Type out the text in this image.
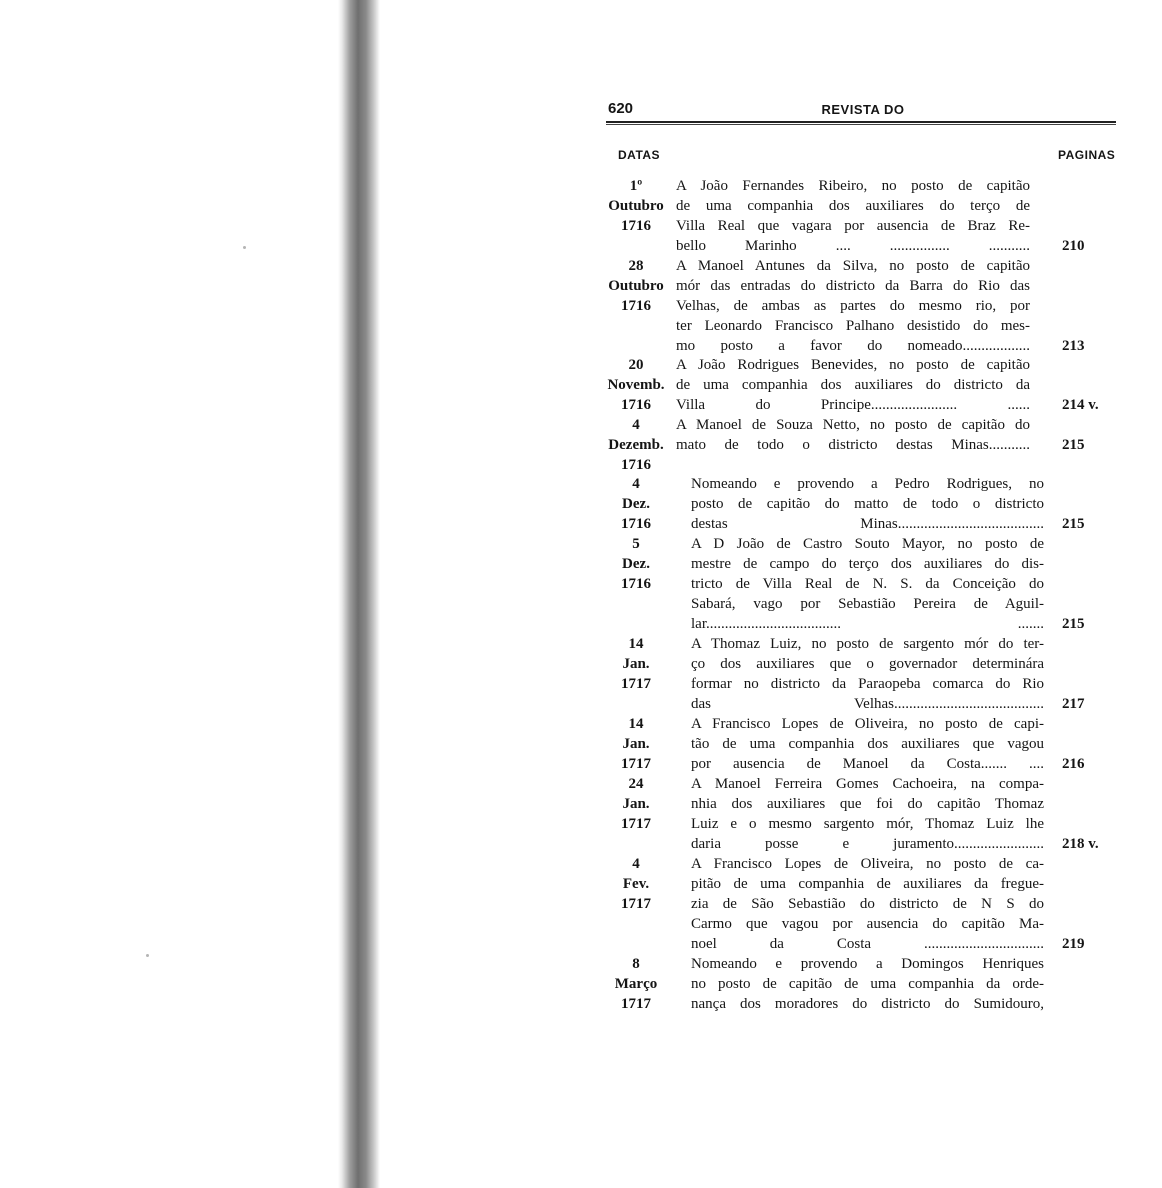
620	REVISTA DO
DATAS	PAGINAS
1º
Outubro
1716
A João Fernandes Ribeiro, no posto de capitão
de uma companhia dos auxiliares do terço de
Villa Real que vagara por ausencia de Braz Re-
bello Marinho .... ................ ........... 210
28
Outubro
1716
A Manoel Antunes da Silva, no posto de capitão
mór das entradas do districto da Barra do Rio das
Velhas, de ambas as partes do mesmo rio, por
ter Leonardo Francisco Palhano desistido do mes-
mo posto a favor do nomeado.................. 213
20
Novemb.
1716
A João Rodrigues Benevides, no posto de capitão
de uma companhia dos auxiliares do districto da
Villa do Principe....................... ...... 214 v.
4
Dezemb.
1716
A Manoel de Souza Netto, no posto de capitão do
mato de todo o districto destas Minas........... 215
4
Dez.
1716
Nomeando e provendo a Pedro Rodrigues, no
posto de capitão do matto de todo o districto
destas Minas....................................... 215
5
Dez.
1716
A D João de Castro Souto Mayor, no posto de
mestre de campo do terço dos auxiliares do dis-
tricto de Villa Real de N. S. da Conceição do
Sabará, vago por Sebastião Pereira de Aguil-
lar.................................... ....... 215
14
Jan.
1717
A Thomaz Luiz, no posto de sargento mór do ter-
ço dos auxiliares que o governador determinára
formar no districto da Paraopeba comarca do Rio
das Velhas........................................ 217
14
Jan.
1717
A Francisco Lopes de Oliveira, no posto de capi-
tão de uma companhia dos auxiliares que vagou
por ausencia de Manoel da Costa....... .... 216
24
Jan.
1717
A Manoel Ferreira Gomes Cachoeira, na compa-
nhia dos auxiliares que foi do capitão Thomaz
Luiz e o mesmo sargento mór, Thomaz Luiz lhe
daria posse e juramento........................ 218 v.
4
Fev.
1717
A Francisco Lopes de Oliveira, no posto de ca-
pitão de uma companhia de auxiliares da fregue-
zia de São Sebastião do districto de N S do
Carmo que vagou por ausencia do capitão Ma-
noel da Costa ................................ 219
8
Março
1717
Nomeando e provendo a Domingos Henriques
no posto de capitão de uma companhia da orde-
nança dos moradores do districto do Sumidouro,
